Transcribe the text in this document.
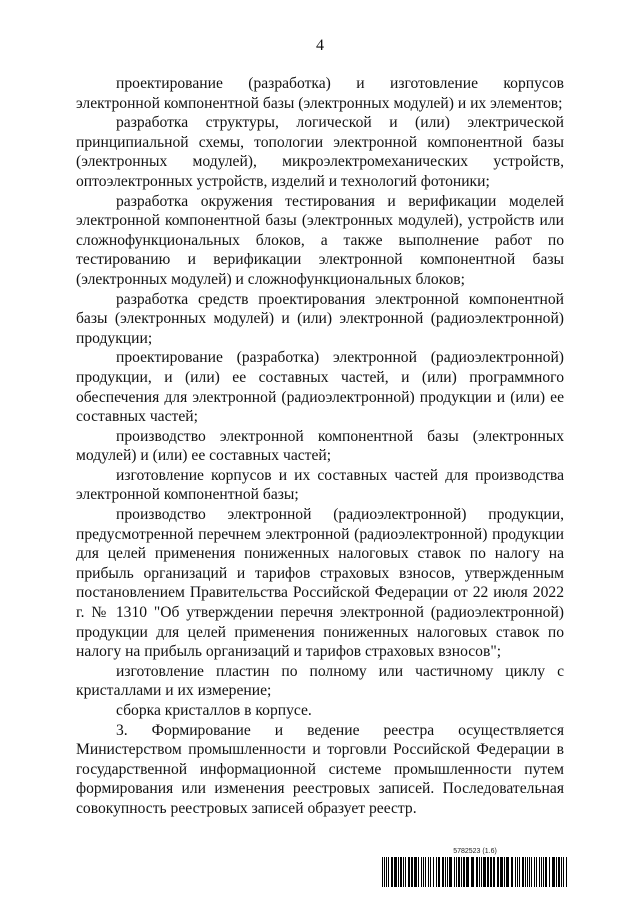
4

проектирование (разработка) и изготовление корпусов электронной компонентной базы (электронных модулей) и их элементов;

разработка структуры, логической и (или) электрической принципиальной схемы, топологии электронной компонентной базы (электронных модулей), микроэлектромеханических устройств, оптоэлектронных устройств, изделий и технологий фотоники;

разработка окружения тестирования и верификации моделей электронной компонентной базы (электронных модулей), устройств или сложнофункциональных блоков, а также выполнение работ по тестированию и верификации электронной компонентной базы (электронных модулей) и сложнофункциональных блоков;

разработка средств проектирования электронной компонентной базы (электронных модулей) и (или) электронной (радиоэлектронной) продукции;

проектирование (разработка) электронной (радиоэлектронной) продукции, и (или) ее составных частей, и (или) программного обеспечения для электронной (радиоэлектронной) продукции и (или) ее составных частей;

производство электронной компонентной базы (электронных модулей) и (или) ее составных частей;

изготовление корпусов и их составных частей для производства электронной компонентной базы;

производство электронной (радиоэлектронной) продукции, предусмотренной перечнем электронной (радиоэлектронной) продукции для целей применения пониженных налоговых ставок по налогу на прибыль организаций и тарифов страховых взносов, утвержденным постановлением Правительства Российской Федерации от 22 июля 2022 г. № 1310 "Об утверждении перечня электронной (радиоэлектронной) продукции для целей применения пониженных налоговых ставок по налогу на прибыль организаций и тарифов страховых взносов";

изготовление пластин по полному или частичному циклу с кристаллами и их измерение;

сборка кристаллов в корпусе.

3. Формирование и ведение реестра осуществляется Министерством промышленности и торговли Российской Федерации в государственной информационной системе промышленности путем формирования или изменения реестровых записей. Последовательная совокупность реестровых записей образует реестр.

5782523 (1.6)
